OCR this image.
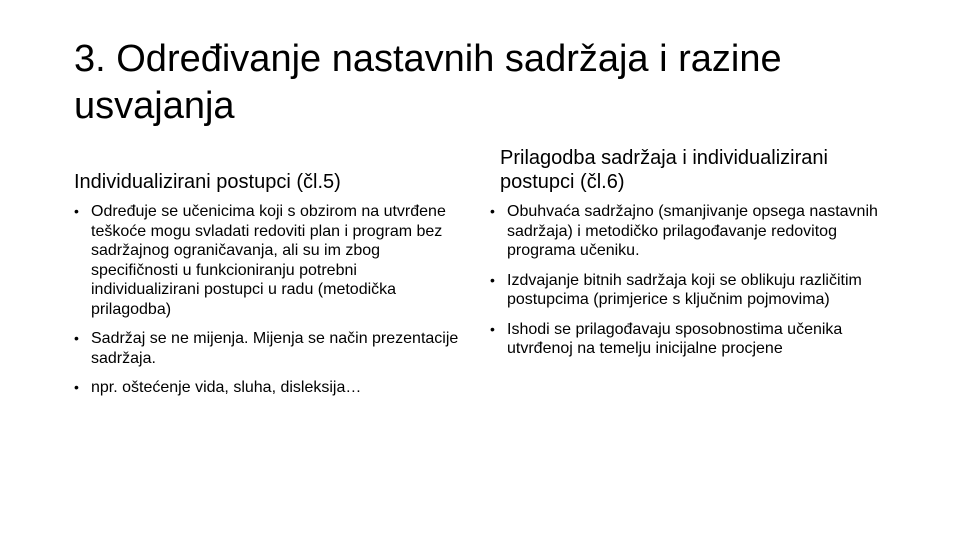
3. Određivanje nastavnih sadržaja i razine usvajanja
Individualizirani postupci (čl.5)
• Određuje se učenicima koji s obzirom na utvrđene teškoće mogu svladati redoviti plan i program bez sadržajnog ograničavanja, ali su im zbog specifičnosti u funkcioniranju potrebni individualizirani postupci u radu (metodička prilagodba)
• Sadržaj se ne mijenja. Mijenja se način prezentacije sadržaja.
• npr. oštećenje vida, sluha, disleksija…
Prilagodba sadržaja i individualizirani postupci (čl.6)
• Obuhvaća sadržajno (smanjivanje opsega nastavnih sadržaja) i metodičko prilagođavanje redovitog programa učeniku.
• Izdvajanje bitnih sadržaja koji se oblikuju različitim postupcima (primjerice s ključnim pojmovima)
• Ishodi se prilagođavaju sposobnostima učenika utvrđenoj na temelju inicijalne procjene
